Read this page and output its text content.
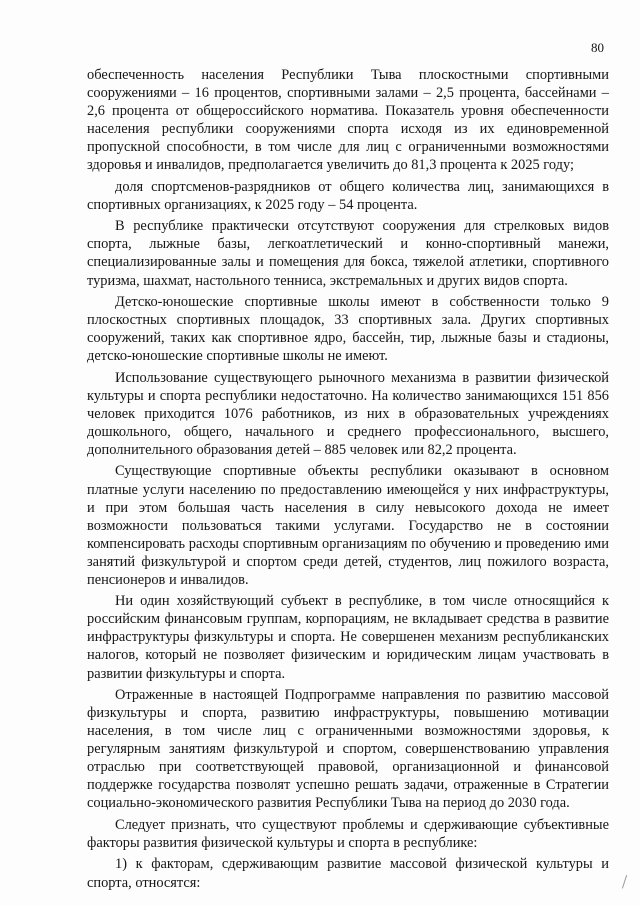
80

обеспеченность населения Республики Тыва плоскостными спортивными сооружениями – 16 процентов, спортивными залами – 2,5 процента, бассейнами – 2,6 процента от общероссийского норматива. Показатель уровня обеспеченности населения республики сооружениями спорта исходя из их единовременной пропускной способности, в том числе для лиц с ограниченными возможностями здоровья и инвалидов, предполагается увеличить до 81,3 процента к 2025 году;

доля спортсменов-разрядников от общего количества лиц, занимающихся в спортивных организациях, к 2025 году – 54 процента.

В республике практически отсутствуют сооружения для стрелковых видов спорта, лыжные базы, легкоатлетический и конно-спортивный манежи, специализированные залы и помещения для бокса, тяжелой атлетики, спортивного туризма, шахмат, настольного тенниса, экстремальных и других видов спорта.

Детско-юношеские спортивные школы имеют в собственности только 9 плоскостных спортивных площадок, 33 спортивных зала. Других спортивных сооружений, таких как спортивное ядро, бассейн, тир, лыжные базы и стадионы, детско-юношеские спортивные школы не имеют.

Использование существующего рыночного механизма в развитии физической культуры и спорта республики недостаточно. На количество занимающихся 151 856 человек приходится 1076 работников, из них в образовательных учреждениях дошкольного, общего, начального и среднего профессионального, высшего, дополнительного образования детей – 885 человек или 82,2 процента.

Существующие спортивные объекты республики оказывают в основном платные услуги населению по предоставлению имеющейся у них инфраструктуры, и при этом большая часть населения в силу невысокого дохода не имеет возможности пользоваться такими услугами. Государство не в состоянии компенсировать расходы спортивным организациям по обучению и проведению ими занятий физкультурой и спортом среди детей, студентов, лиц пожилого возраста, пенсионеров и инвалидов.

Ни один хозяйствующий субъект в республике, в том числе относящийся к российским финансовым группам, корпорациям, не вкладывает средства в развитие инфраструктуры физкультуры и спорта. Не совершенен механизм республиканских налогов, который не позволяет физическим и юридическим лицам участвовать в развитии физкультуры и спорта.

Отраженные в настоящей Подпрограмме направления по развитию массовой физкультуры и спорта, развитию инфраструктуры, повышению мотивации населения, в том числе лиц с ограниченными возможностями здоровья, к регулярным занятиям физкультурой и спортом, совершенствованию управления отраслью при соответствующей правовой, организационной и финансовой поддержке государства позволят успешно решать задачи, отраженные в Стратегии социально-экономического развития Республики Тыва на период до 2030 года.

Следует признать, что существуют проблемы и сдерживающие субъективные факторы развития физической культуры и спорта в республике:

1) к факторам, сдерживающим развитие массовой физической культуры и спорта, относятся:
